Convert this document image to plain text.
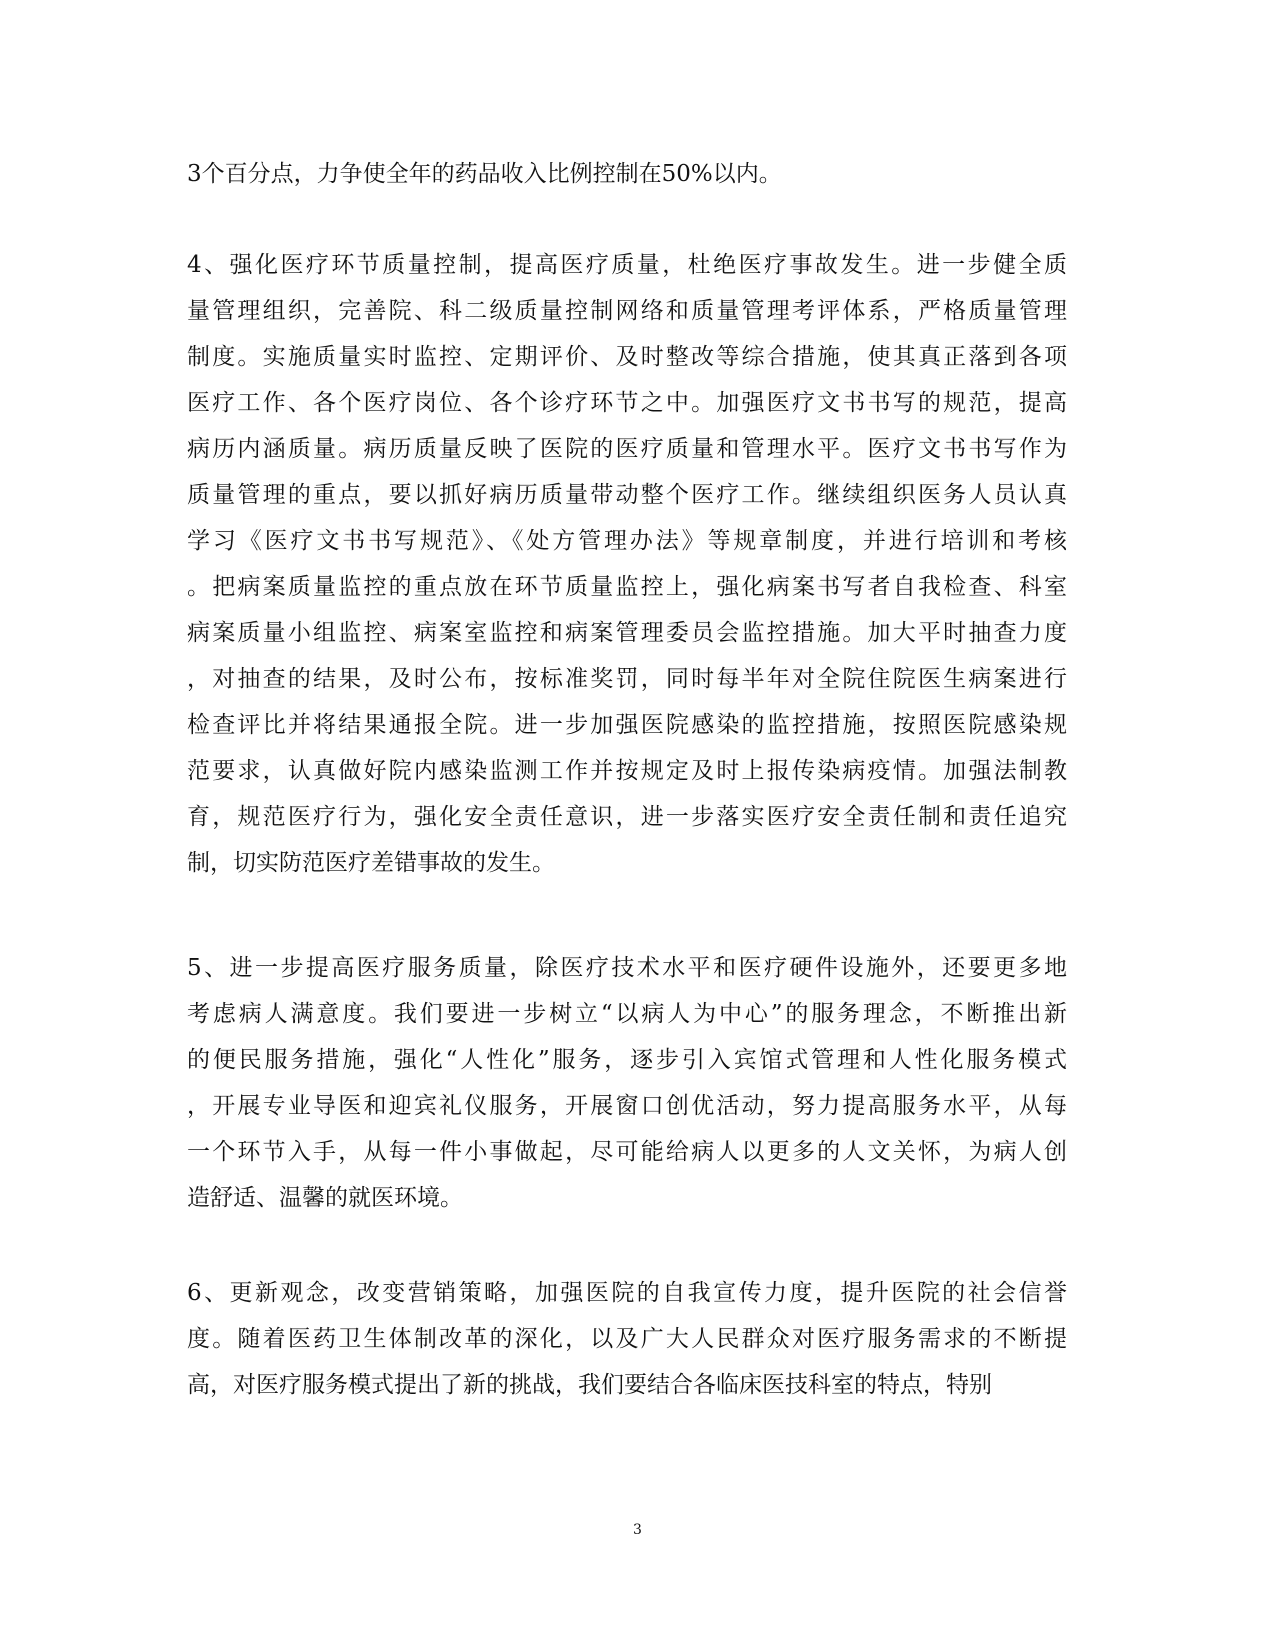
3个百分点，力争使全年的药品收入比例控制在50%以内。
4、强化医疗环节质量控制，提高医疗质量，杜绝医疗事故发生。进一步健全质
量管理组织，完善院、科二级质量控制网络和质量管理考评体系，严格质量管理
制度。实施质量实时监控、定期评价、及时整改等综合措施，使其真正落到各项
医疗工作、各个医疗岗位、各个诊疗环节之中。加强医疗文书书写的规范，提高
病历内涵质量。病历质量反映了医院的医疗质量和管理水平。医疗文书书写作为
质量管理的重点，要以抓好病历质量带动整个医疗工作。继续组织医务人员认真
学习《医疗文书书写规范》、《处方管理办法》等规章制度，并进行培训和考核
。把病案质量监控的重点放在环节质量监控上，强化病案书写者自我检查、科室
病案质量小组监控、病案室监控和病案管理委员会监控措施。加大平时抽查力度
，对抽查的结果，及时公布，按标准奖罚，同时每半年对全院住院医生病案进行
检查评比并将结果通报全院。进一步加强医院感染的监控措施，按照医院感染规
范要求，认真做好院内感染监测工作并按规定及时上报传染病疫情。加强法制教
育，规范医疗行为，强化安全责任意识，进一步落实医疗安全责任制和责任追究
制，切实防范医疗差错事故的发生。
5、进一步提高医疗服务质量，除医疗技术水平和医疗硬件设施外，还要更多地
考虑病人满意度。我们要进一步树立“以病人为中心”的服务理念，不断推出新
的便民服务措施，强化“人性化”服务，逐步引入宾馆式管理和人性化服务模式
，开展专业导医和迎宾礼仪服务，开展窗口创优活动，努力提高服务水平，从每
一个环节入手，从每一件小事做起，尽可能给病人以更多的人文关怀，为病人创
造舒适、温馨的就医环境。
6、更新观念，改变营销策略，加强医院的自我宣传力度，提升医院的社会信誉
度。随着医药卫生体制改革的深化，以及广大人民群众对医疗服务需求的不断提
高，对医疗服务模式提出了新的挑战，我们要结合各临床医技科室的特点，特别
3
